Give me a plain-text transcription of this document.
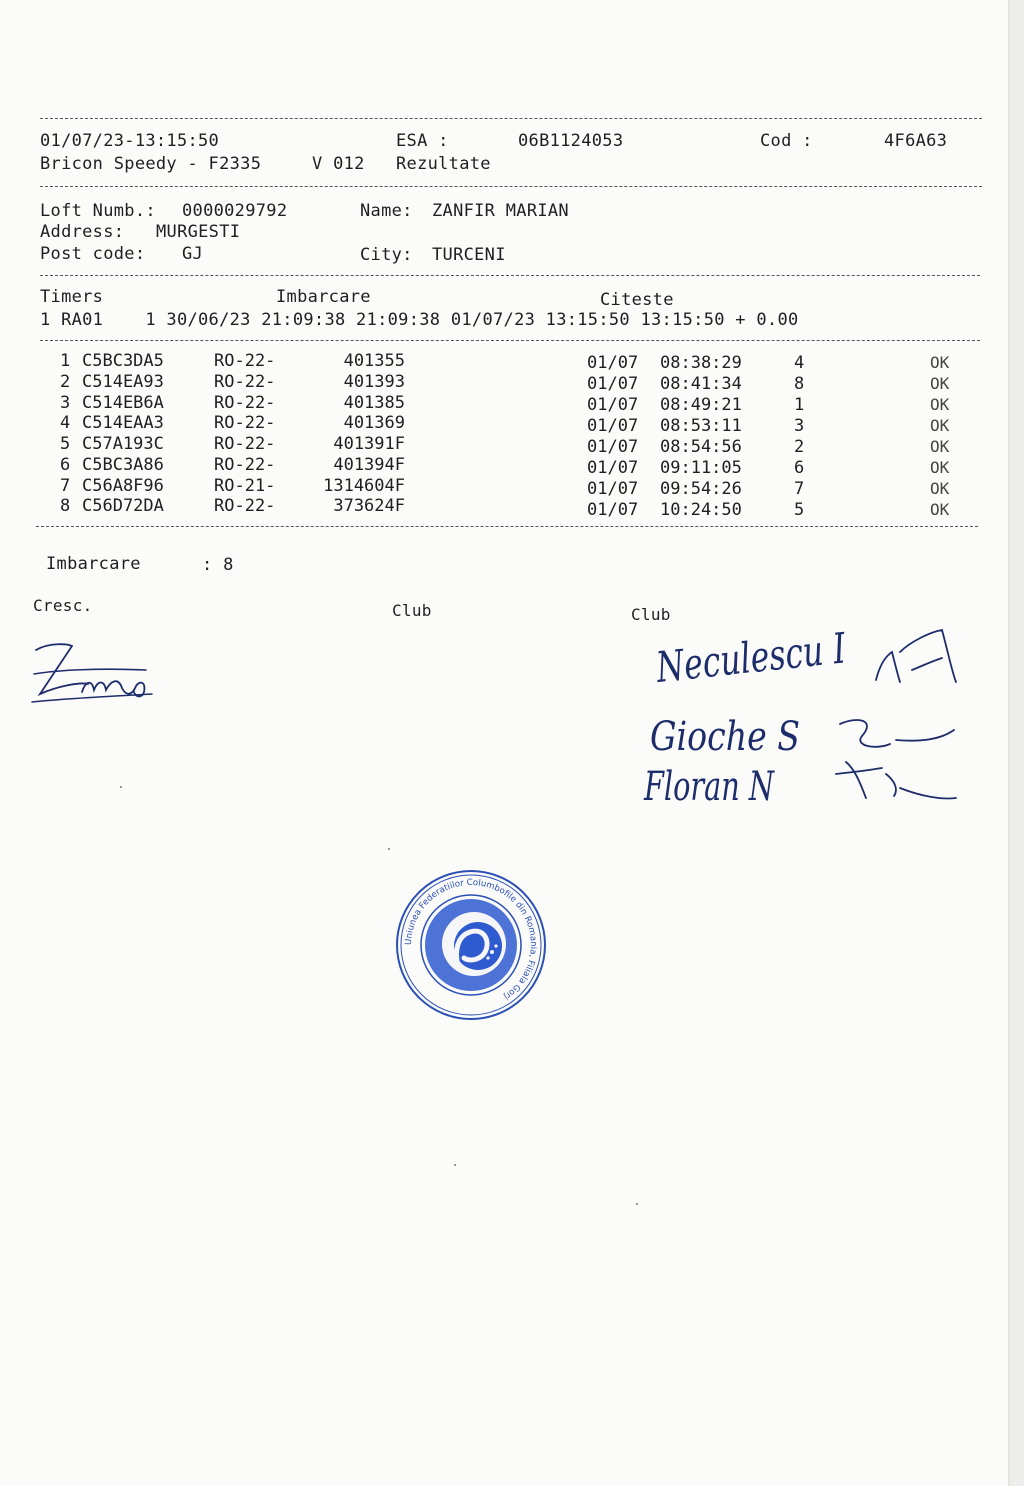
01/07/23-13:15:50	ESA :	06B1124053	Cod :	4F6A63
Bricon Speedy - F2335	V 012 Rezultate
Loft Numb.: 0000029792	Name: ZANFIR MARIAN
Address: MURGESTI
Post code: GJ	City: TURCENI
Timers	Imbarcare	Citeste
1 RA01    1 30/06/23 21:09:38 21:09:38 01/07/23 13:15:50 13:15:50 + 0.00
1 C5BC3DA5	RO-22-	401355	01/07 08:38:29	4	OK
2 C514EA93	RO-22-	401393	01/07 08:41:34	8	OK
3 C514EB6A	RO-22-	401385	01/07 08:49:21	1	OK
4 C514EAA3	RO-22-	401369	01/07 08:53:11	3	OK
5 C57A193C	RO-22-	401391F	01/07 08:54:56	2	OK
6 C5BC3A86	RO-22-	401394F	01/07 09:11:05	6	OK
7 C56A8F96	RO-21-	1314604F	01/07 09:54:26	7	OK
8 C56D72DA	RO-22-	373624F	01/07 10:24:50	5	OK
Imbarcare	: 8
Cresc.	Club	Club
Neculescu I
Gioche S
Floran N
Uniunea Federatiilor Columbofile din Romania, Filiala Gorj
